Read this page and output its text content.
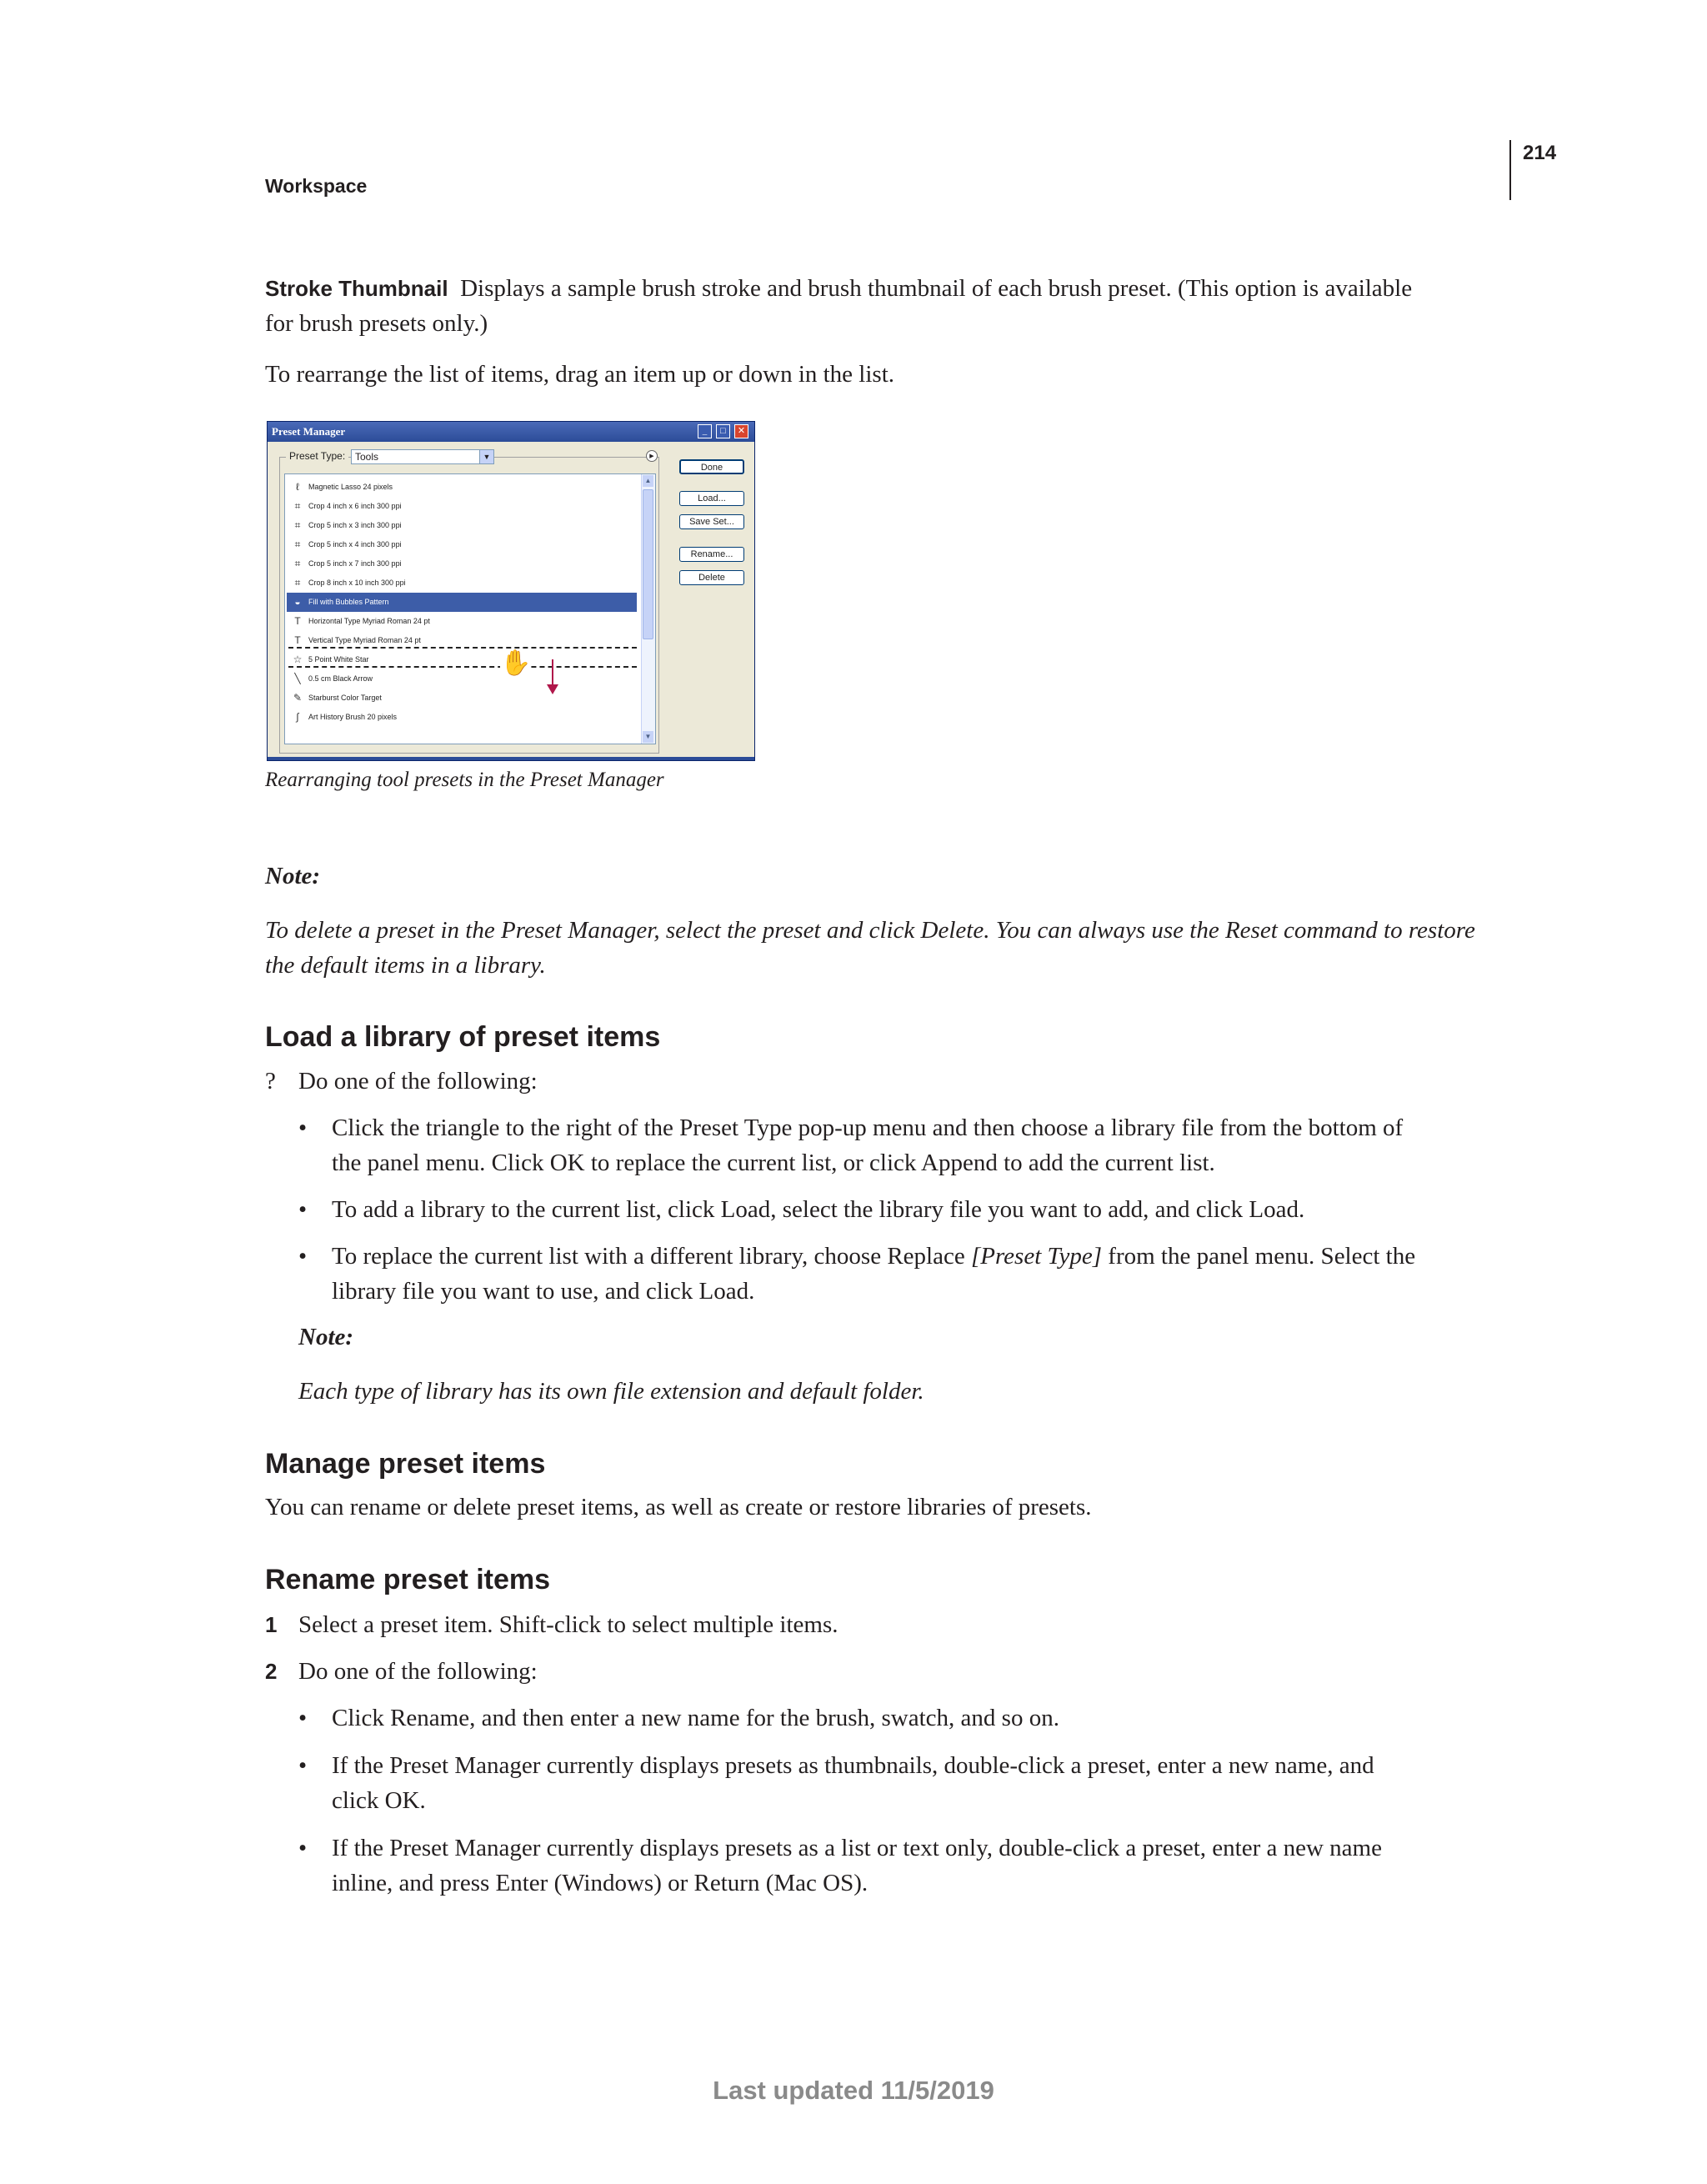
214
Workspace
Stroke Thumbnail Displays a sample brush stroke and brush thumbnail of each brush preset. (This option is available
for brush presets only.)
To rearrange the list of items, drag an item up or down in the list.
Preset Manager	_	□	✕
Preset Type: Tools	▼	▶
ℓ	Magnetic Lasso 24 pixels
⌗	Crop 4 inch x 6 inch 300 ppi
⌗	Crop 5 inch x 3 inch 300 ppi
⌗	Crop 5 inch x 4 inch 300 ppi
⌗	Crop 5 inch x 7 inch 300 ppi
⌗	Crop 8 inch x 10 inch 300 ppi
◒	Fill with Bubbles Pattern
T	Horizontal Type Myriad Roman 24 pt
T	Vertical Type Myriad Roman 24 pt
☆ 5 Point White Star
╲	0.5 cm Black Arrow
✎ Starburst Color Target
∫	Art History Brush 20 pixels
✋
▲
▼
Done
Load...
Save Set...
Rename...
Delete
Rearranging tool presets in the Preset Manager
Note:
To delete a preset in the Preset Manager, select the preset and click Delete. You can always use the Reset command to restore
the default items in a library.
Load a library of preset items
? Do one of the following:
• Click the triangle to the right of the Preset Type pop-up menu and then choose a library file from the bottom of
the panel menu. Click OK to replace the current list, or click Append to add the current list.
• To add a library to the current list, click Load, select the library file you want to add, and click Load.
• To replace the current list with a different library, choose Replace [Preset Type] from the panel menu. Select the
library file you want to use, and click Load.
Note:
Each type of library has its own file extension and default folder.
Manage preset items
You can rename or delete preset items, as well as create or restore libraries of presets.
Rename preset items
1 Select a preset item. Shift-click to select multiple items.
2 Do one of the following:
• Click Rename, and then enter a new name for the brush, swatch, and so on.
• If the Preset Manager currently displays presets as thumbnails, double-click a preset, enter a new name, and
click OK.
• If the Preset Manager currently displays presets as a list or text only, double-click a preset, enter a new name
inline, and press Enter (Windows) or Return (Mac OS).
Last updated 11/5/2019
